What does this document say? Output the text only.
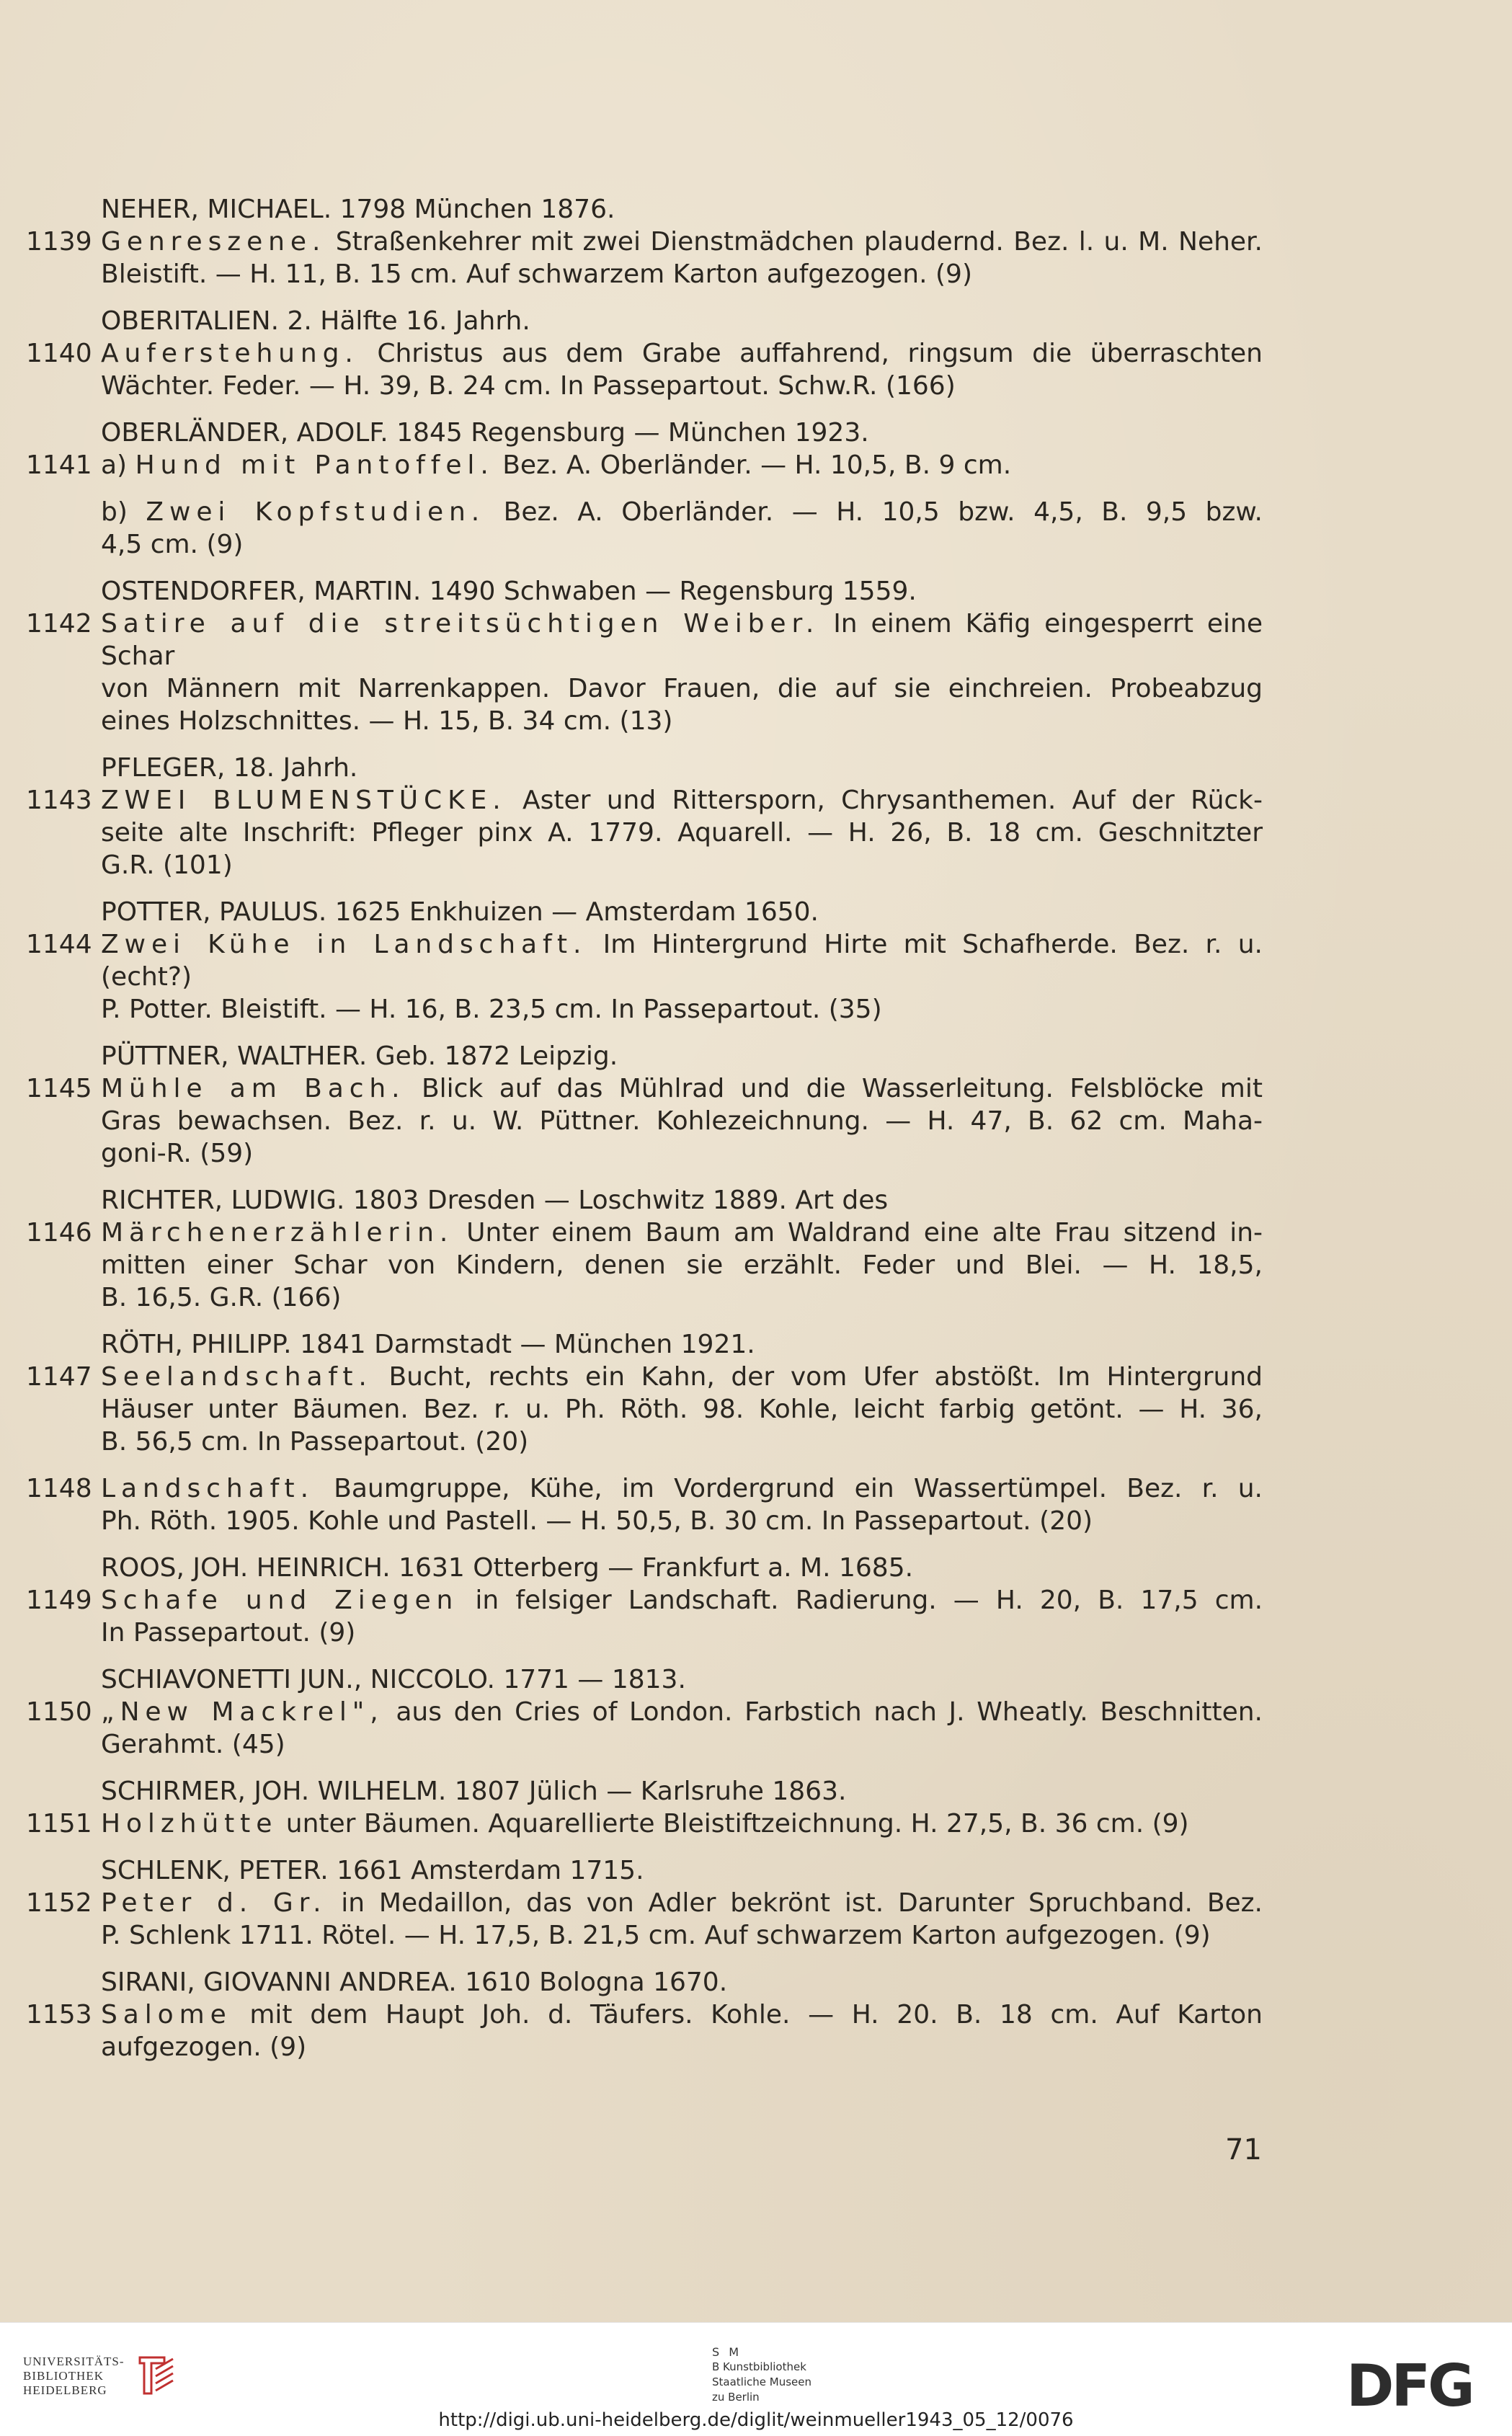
NEHER, MICHAEL. 1798 München 1876.
1139 Genreszene. Straßenkehrer mit zwei Dienstmädchen plaudernd. Bez. l. u. M. Neher.
Bleistift. — H. 11, B. 15 cm. Auf schwarzem Karton aufgezogen. (9)
OBERITALIEN. 2. Hälfte 16. Jahrh.
1140 Auferstehung. Christus aus dem Grabe auffahrend, ringsum die überraschten
Wächter. Feder. — H. 39, B. 24 cm. In Passepartout. Schw.R. (166)
OBERLÄNDER, ADOLF. 1845 Regensburg — München 1923.
1141 a) Hund mit Pantoffel. Bez. A. Oberländer. — H. 10,5, B. 9 cm.
b) Zwei Kopfstudien. Bez. A. Oberländer. — H. 10,5 bzw. 4,5, B. 9,5 bzw.
4,5 cm. (9)
OSTENDORFER, MARTIN. 1490 Schwaben — Regensburg 1559.
1142 Satire auf die streitsüchtigen Weiber. In einem Käfig eingesperrt eine Schar
von Männern mit Narrenkappen. Davor Frauen, die auf sie einchreien. Probeabzug
eines Holzschnittes. — H. 15, B. 34 cm. (13)
PFLEGER, 18. Jahrh.
1143 ZWEI BLUMENSTÜCKE. Aster und Rittersporn, Chrysanthemen. Auf der Rück-
seite alte Inschrift: Pfleger pinx A. 1779. Aquarell. — H. 26, B. 18 cm. Geschnitzter
G.R. (101)
POTTER, PAULUS. 1625 Enkhuizen — Amsterdam 1650.
1144 Zwei Kühe in Landschaft. Im Hintergrund Hirte mit Schafherde. Bez. r. u. (echt?)
P. Potter. Bleistift. — H. 16, B. 23,5 cm. In Passepartout. (35)
PÜTTNER, WALTHER. Geb. 1872 Leipzig.
1145 Mühle am Bach. Blick auf das Mühlrad und die Wasserleitung. Felsblöcke mit
Gras bewachsen. Bez. r. u. W. Püttner. Kohlezeichnung. — H. 47, B. 62 cm. Maha-
goni-R. (59)
RICHTER, LUDWIG. 1803 Dresden — Loschwitz 1889. Art des
1146 Märchenerzählerin. Unter einem Baum am Waldrand eine alte Frau sitzend in-
mitten einer Schar von Kindern, denen sie erzählt. Feder und Blei. — H. 18,5,
B. 16,5. G.R. (166)
RÖTH, PHILIPP. 1841 Darmstadt — München 1921.
1147 Seelandschaft. Bucht, rechts ein Kahn, der vom Ufer abstößt. Im Hintergrund
Häuser unter Bäumen. Bez. r. u. Ph. Röth. 98. Kohle, leicht farbig getönt. — H. 36,
B. 56,5 cm. In Passepartout. (20)
1148 Landschaft. Baumgruppe, Kühe, im Vordergrund ein Wassertümpel. Bez. r. u.
Ph. Röth. 1905. Kohle und Pastell. — H. 50,5, B. 30 cm. In Passepartout. (20)
ROOS, JOH. HEINRICH. 1631 Otterberg — Frankfurt a. M. 1685.
1149 Schafe und Ziegen in felsiger Landschaft. Radierung. — H. 20, B. 17,5 cm.
In Passepartout. (9)
SCHIAVONETTI JUN., NICCOLO. 1771 — 1813.
1150 „New Mackrel", aus den Cries of London. Farbstich nach J. Wheatly. Beschnitten.
Gerahmt. (45)
SCHIRMER, JOH. WILHELM. 1807 Jülich — Karlsruhe 1863.
1151 Holzhütte unter Bäumen. Aquarellierte Bleistiftzeichnung. H. 27,5, B. 36 cm. (9)
SCHLENK, PETER. 1661 Amsterdam 1715.
1152 Peter d. Gr. in Medaillon, das von Adler bekrönt ist. Darunter Spruchband. Bez.
P. Schlenk 1711. Rötel. — H. 17,5, B. 21,5 cm. Auf schwarzem Karton aufgezogen. (9)
SIRANI, GIOVANNI ANDREA. 1610 Bologna 1670.
1153 Salome mit dem Haupt Joh. d. Täufers. Kohle. — H. 20. B. 18 cm. Auf Karton
aufgezogen. (9)
71
UNIVERSITÄTS-
BIBLIOTHEK
HEIDELBERG
S M
B Kunstbibliothek
Staatliche Museen
zu Berlin	DFG
http://digi.ub.uni-heidelberg.de/diglit/weinmueller1943_05_12/0076
